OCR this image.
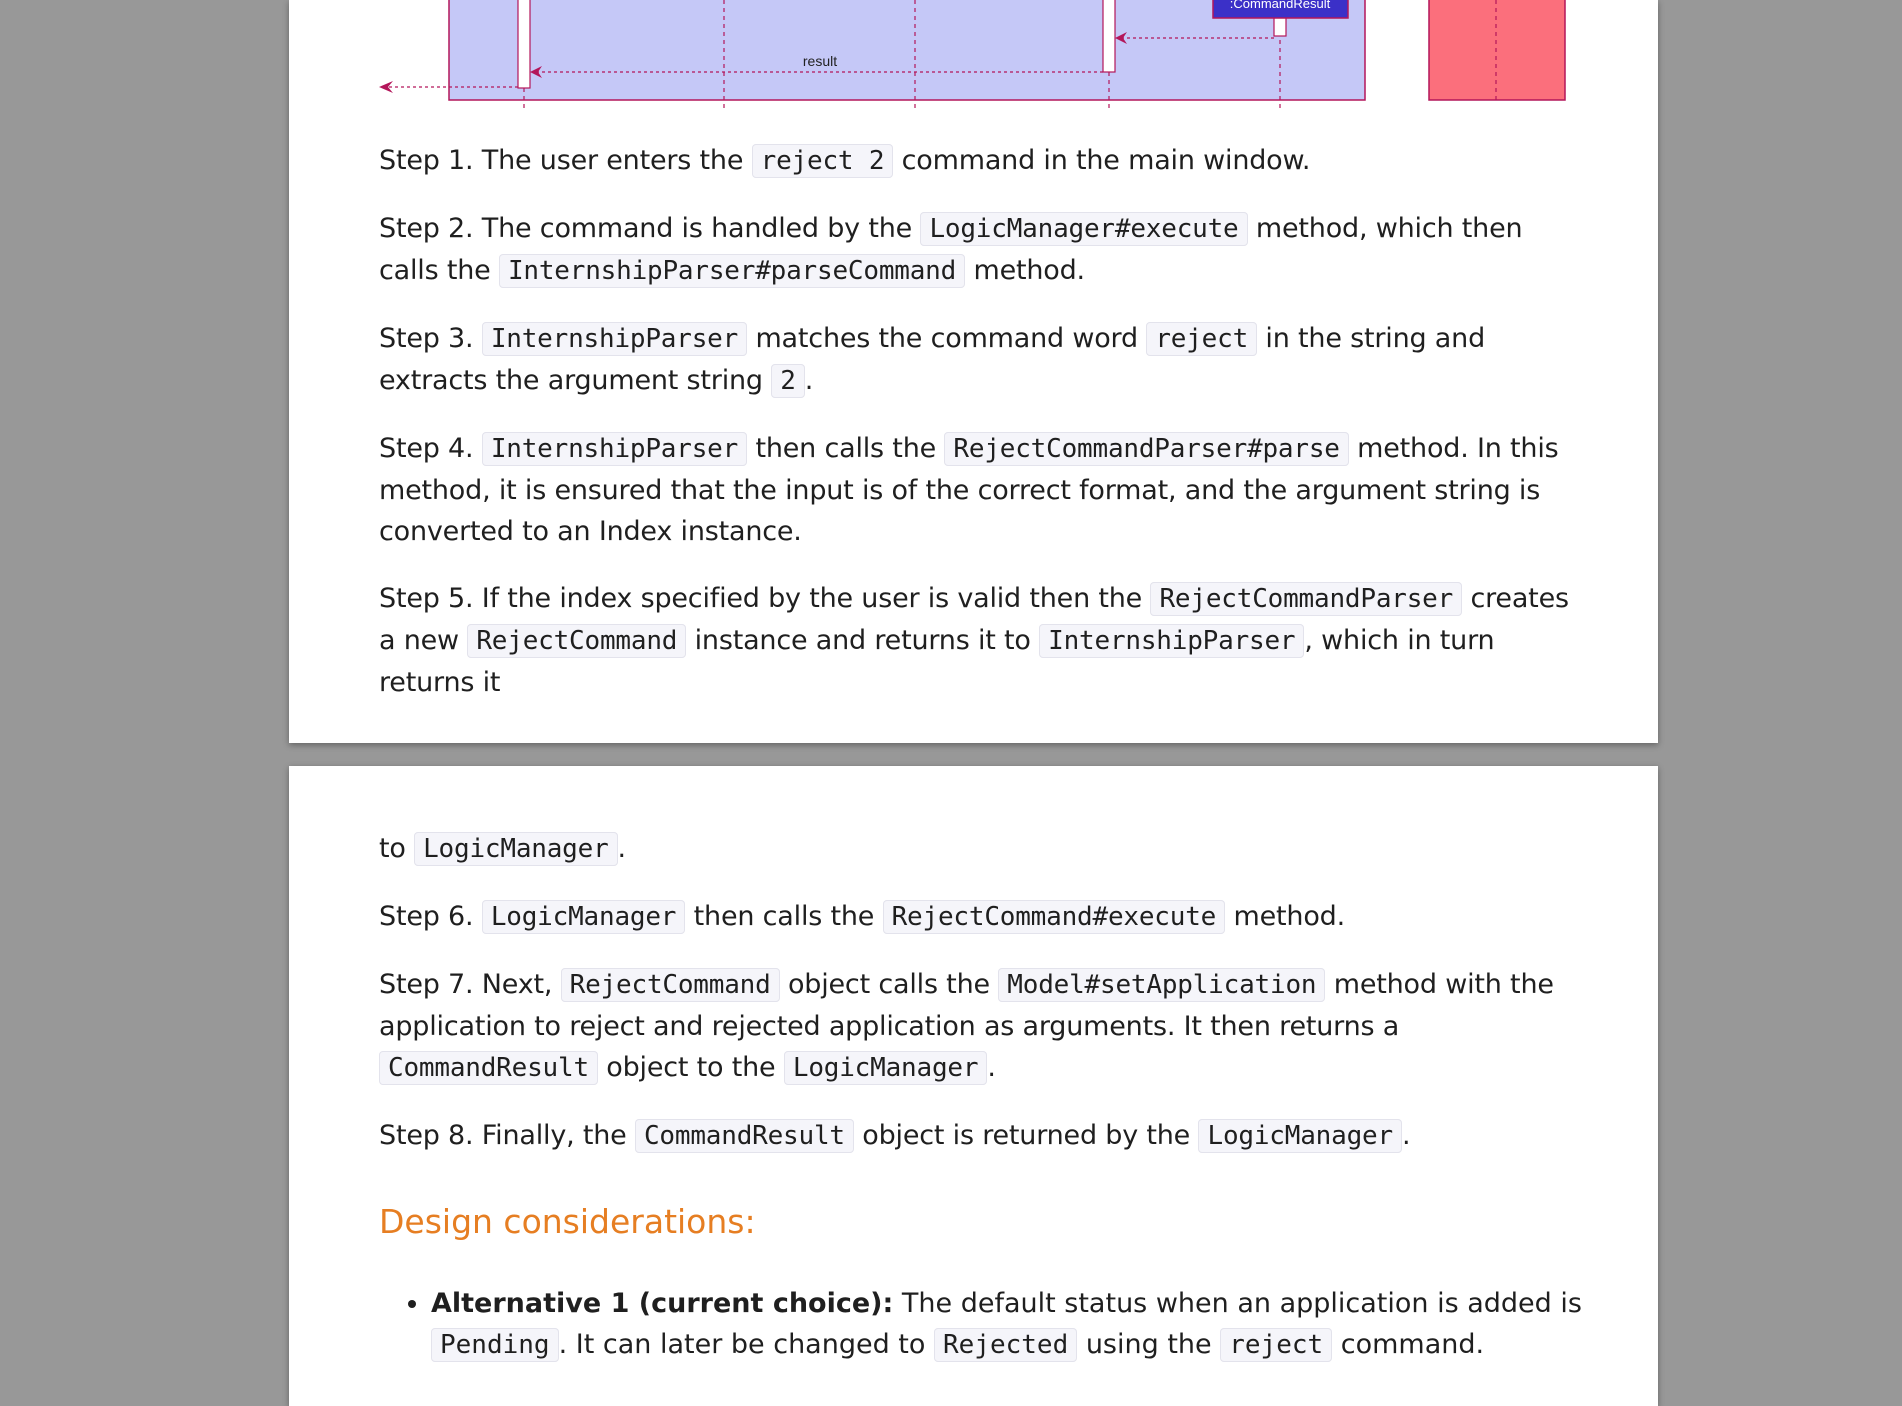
:CommandResult
result

Step 1. The user enters the reject 2 command in the main window.

Step 2. The command is handled by the LogicManager#execute method, which then calls the InternshipParser#parseCommand method.

Step 3. InternshipParser matches the command word reject in the string and extracts the argument string 2 .

Step 4. InternshipParser then calls the RejectCommandParser#parse method. In this method, it is ensured that the input is of the correct format, and the argument string is converted to an Index instance.

Step 5. If the index specified by the user is valid then the RejectCommandParser creates a new RejectCommand instance and returns it to InternshipParser , which in turn returns it

to LogicManager .

Step 6. LogicManager then calls the RejectCommand#execute method.

Step 7. Next, RejectCommand object calls the Model#setApplication method with the application to reject and rejected application as arguments. It then returns a CommandResult object to the LogicManager .

Step 8. Finally, the CommandResult object is returned by the LogicManager .

Design considerations:
• Alternative 1 (current choice): The default status when an application is added is Pending . It can later be changed to Rejected using the reject command.
